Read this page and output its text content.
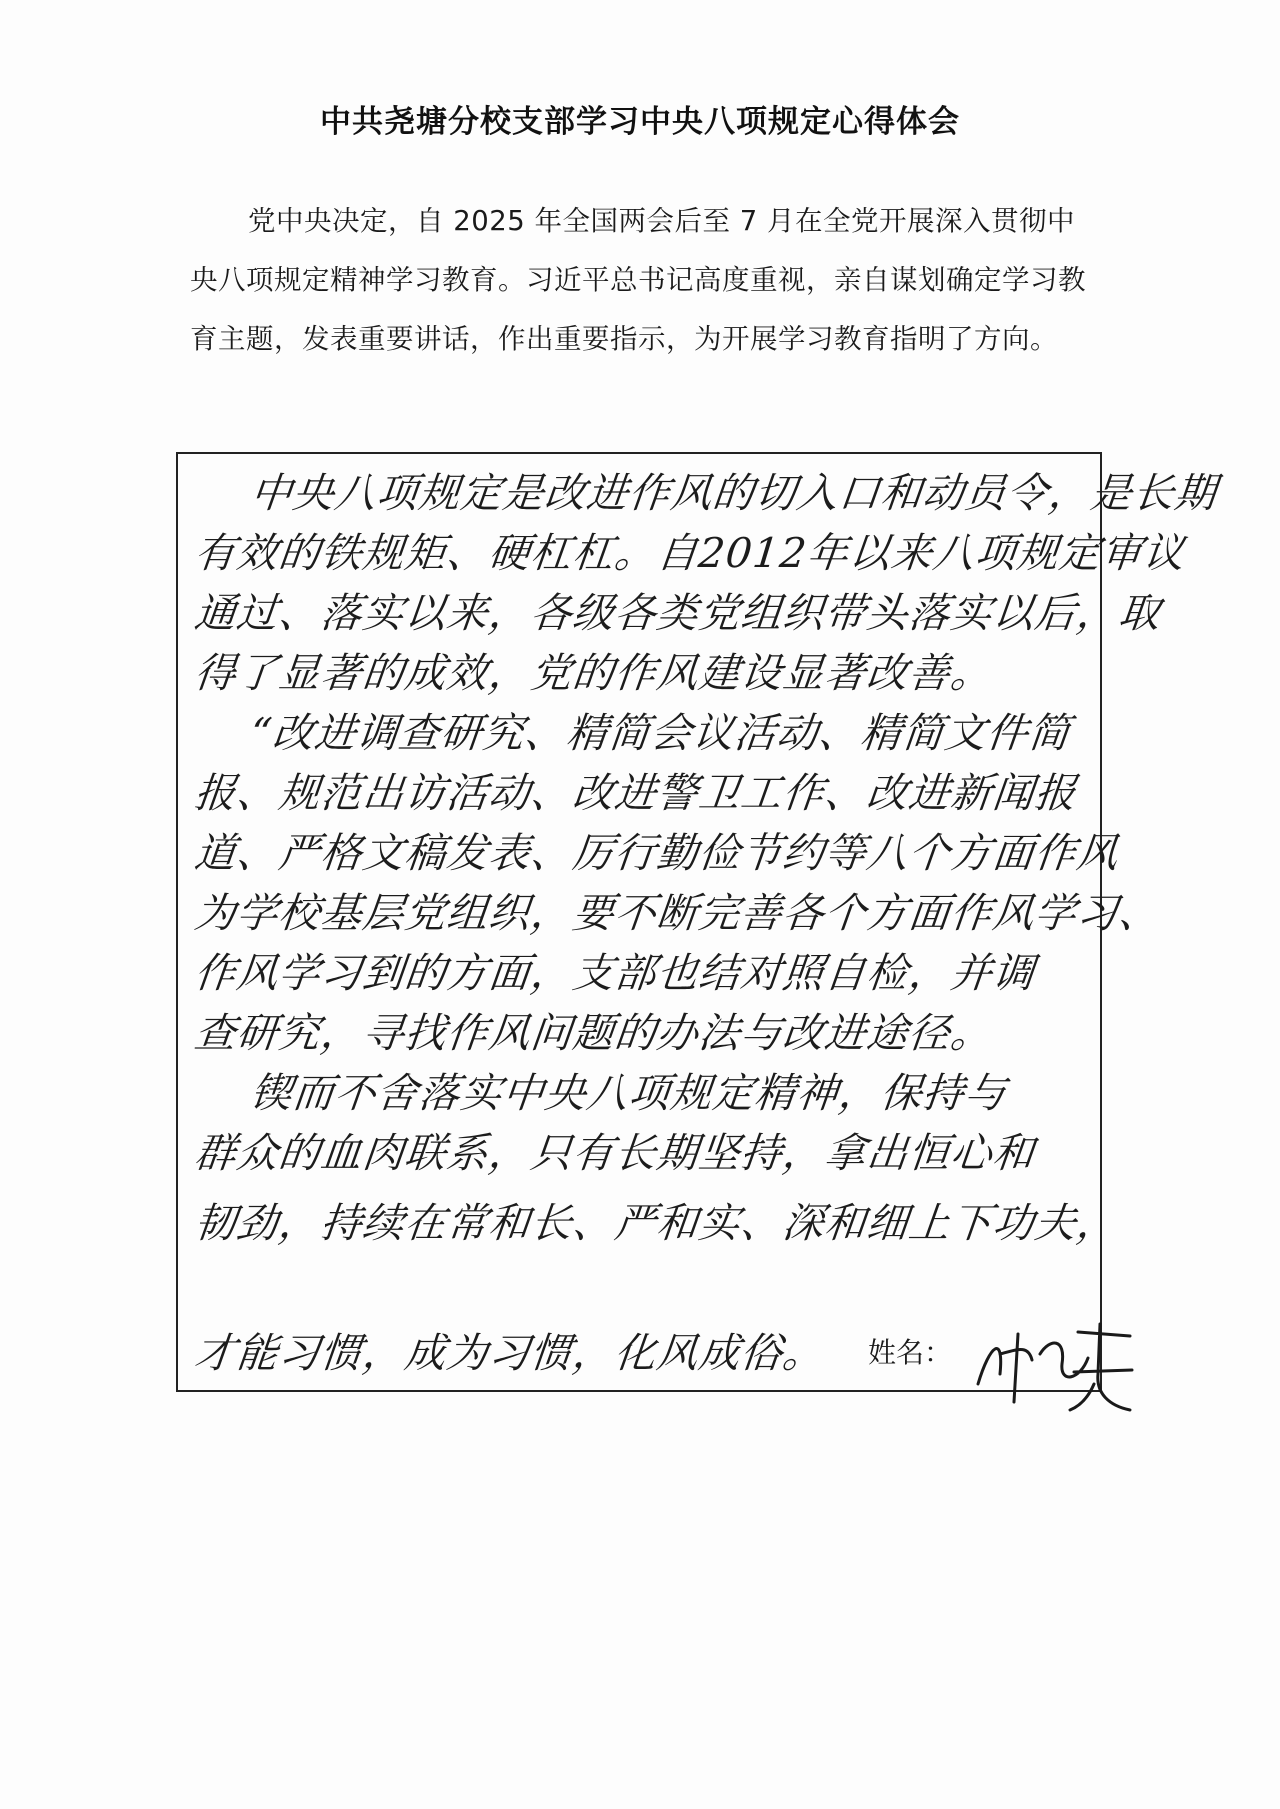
中共尧塘分校支部学习中央八项规定心得体会

党中央决定，自 2025 年全国两会后至 7 月在全党开展深入贯彻中央八项规定精神学习教育。习近平总书记高度重视，亲自谋划确定学习教育主题，发表重要讲话，作出重要指示，为开展学习教育指明了方向。

中央八项规定是改进作风的切入口和动员令，是长期

有效的铁规矩、硬杠杠。自2012年以来八项规定审议

通过、落实以来，各级各类党组织带头落实以后，取

得了显著的成效，党的作风建设显著改善。

“改进调查研究、精简会议活动、精简文件简

报、规范出访活动、改进警卫工作、改进新闻报

道、严格文稿发表、厉行勤俭节约等八个方面作风

为学校基层党组织，要不断完善各个方面作风学习、

作风学习到的方面，支部也结对照自检，并调

查研究，寻找作风问题的办法与改进途径。

锲而不舍落实中央八项规定精神，保持与

群众的血肉联系，只有长期坚持，拿出恒心和

韧劲，持续在常和长、严和实、深和细上下功夫，

才能习惯，成为习惯，化风成俗。 姓名：
